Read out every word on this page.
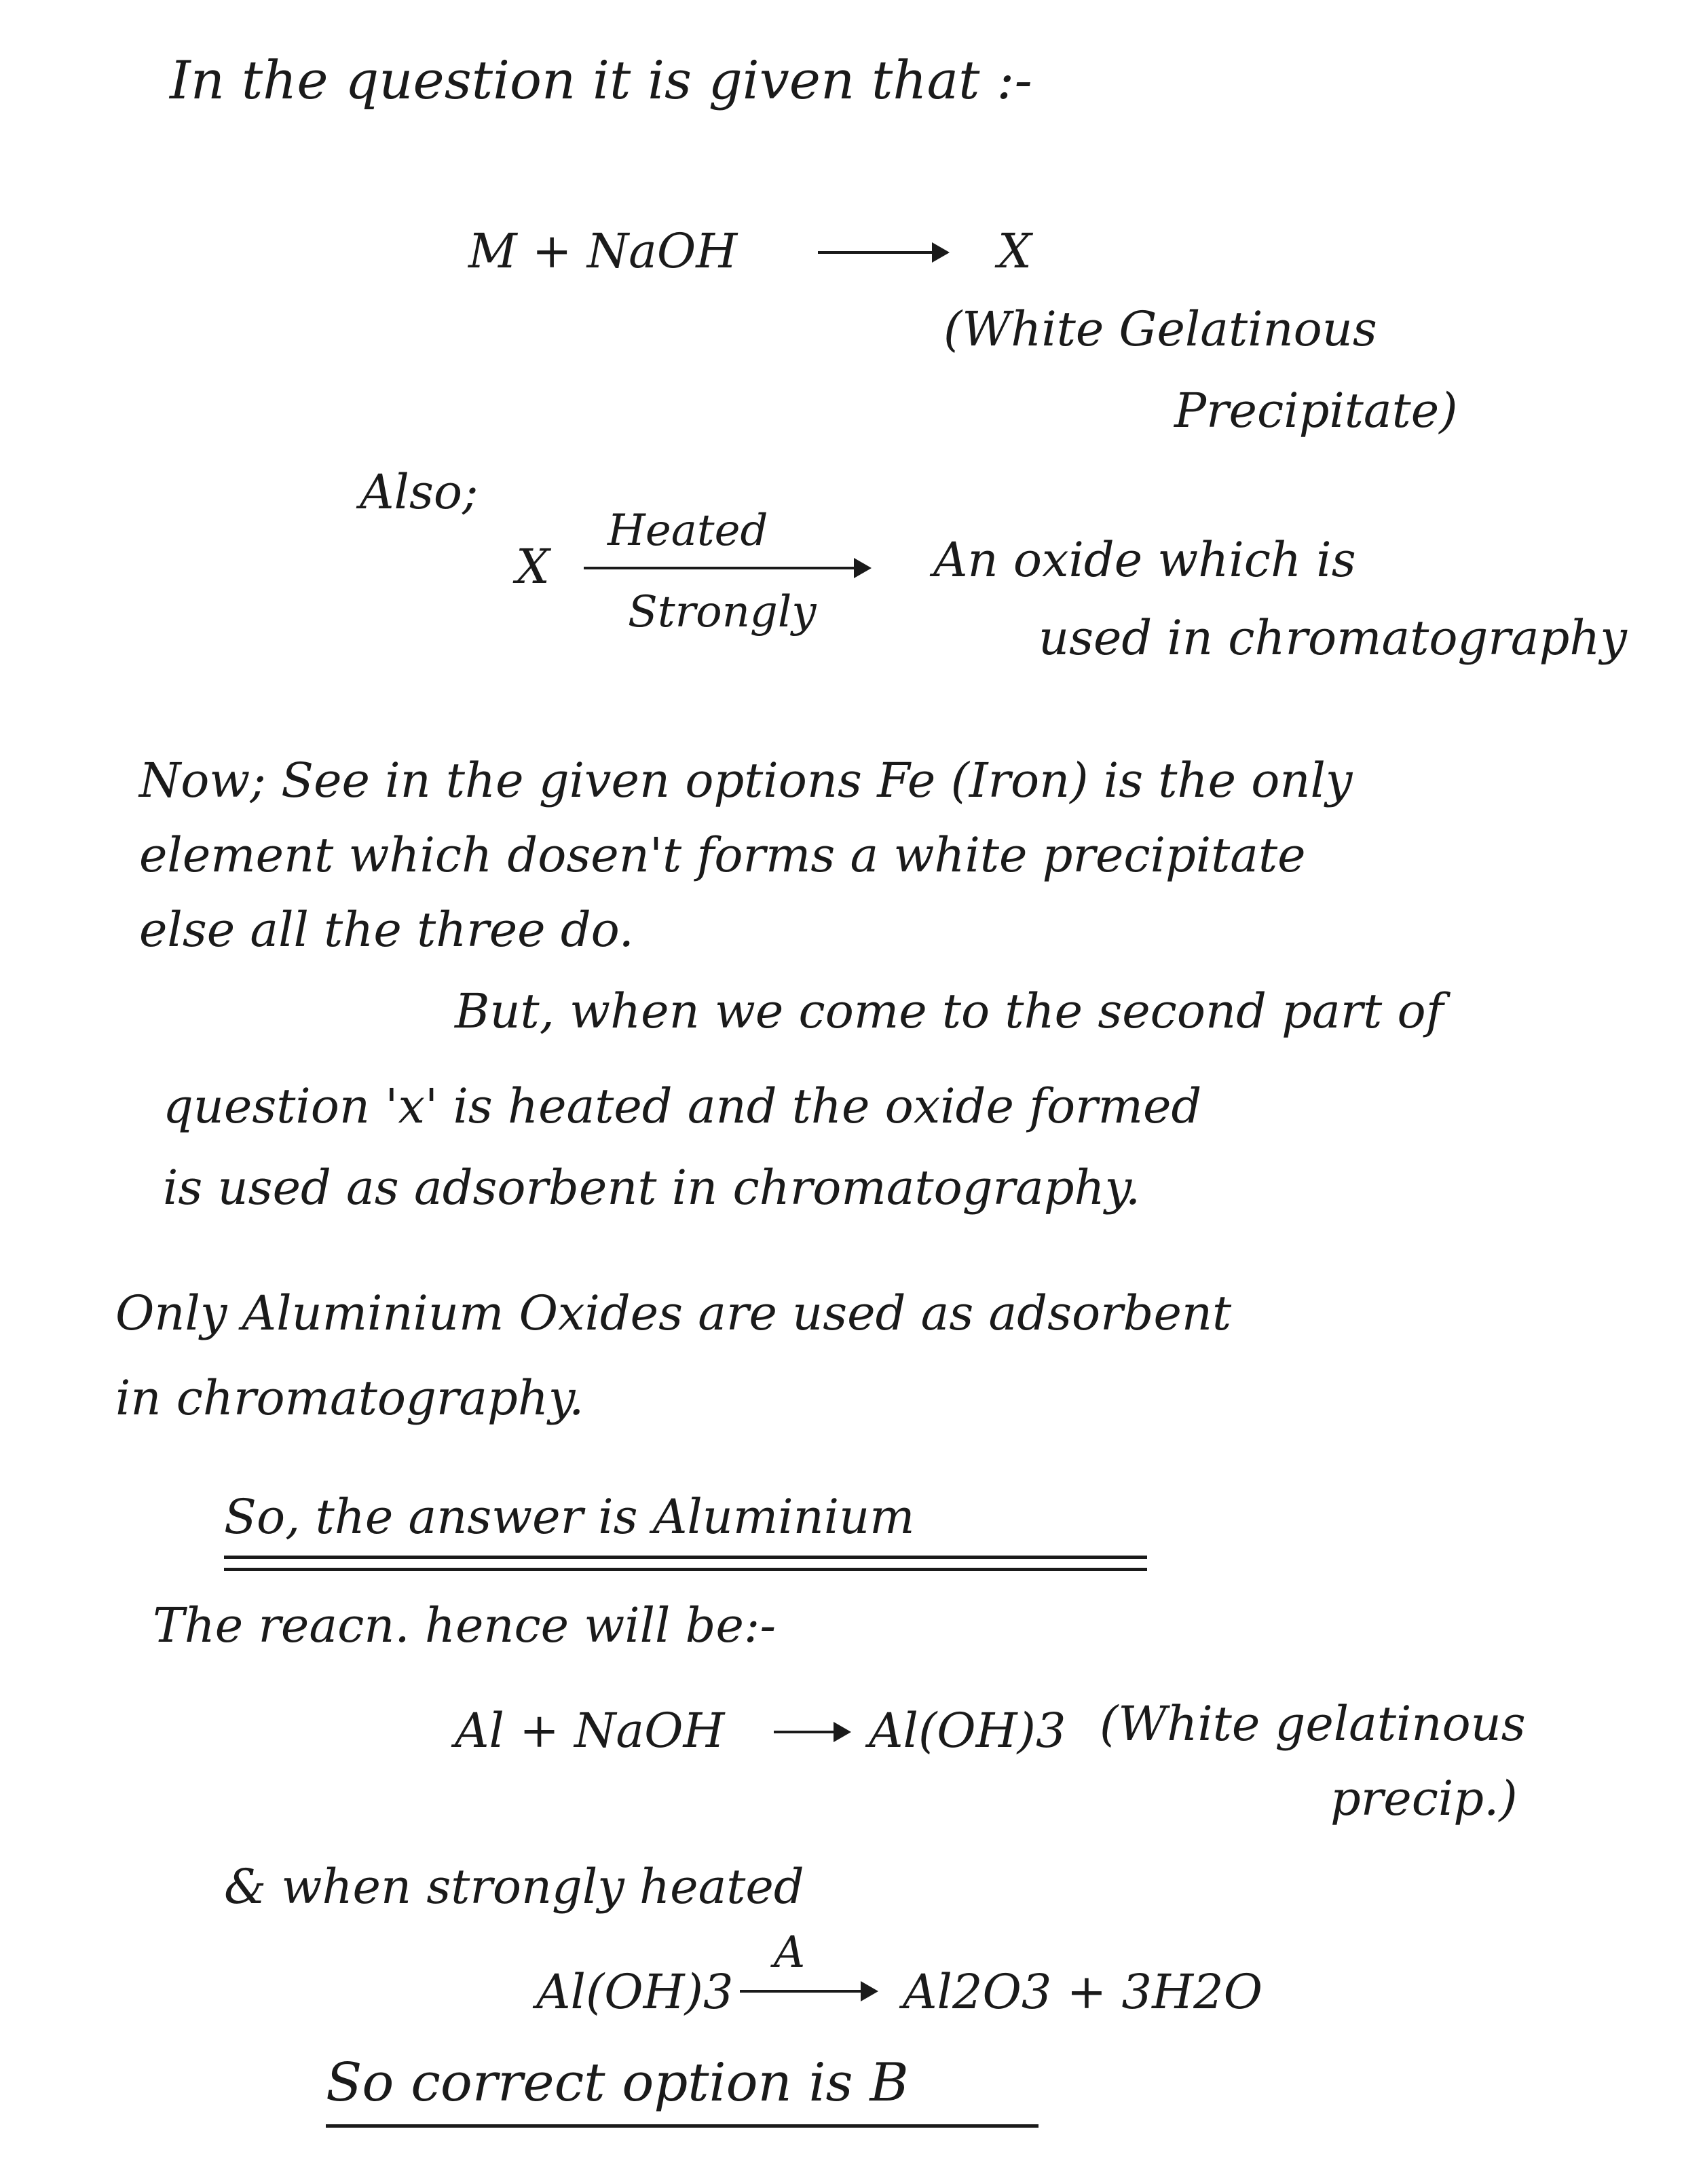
In the question it is given that :-
M + NaOH	X
(White Gelatinous
Precipitate)
Also;
X
Heated
Strongly
An oxide which is
used in chromatography
Now; See in the given options Fe (Iron) is the only
element which dosen't forms a white precipitate
else all the three do.
But, when we come to the second part of
question 'x' is heated and the oxide formed
is used as adsorbent in chromatography.
Only Aluminium Oxides are used as adsorbent
in chromatography.
So, the answer is Aluminium
The reacn. hence will be:-
Al + NaOH	Al(OH)3 (White gelatinous
precip.)
& when strongly heated
Al(OH)3
A
Al2O3 + 3H2O
So correct option is B
